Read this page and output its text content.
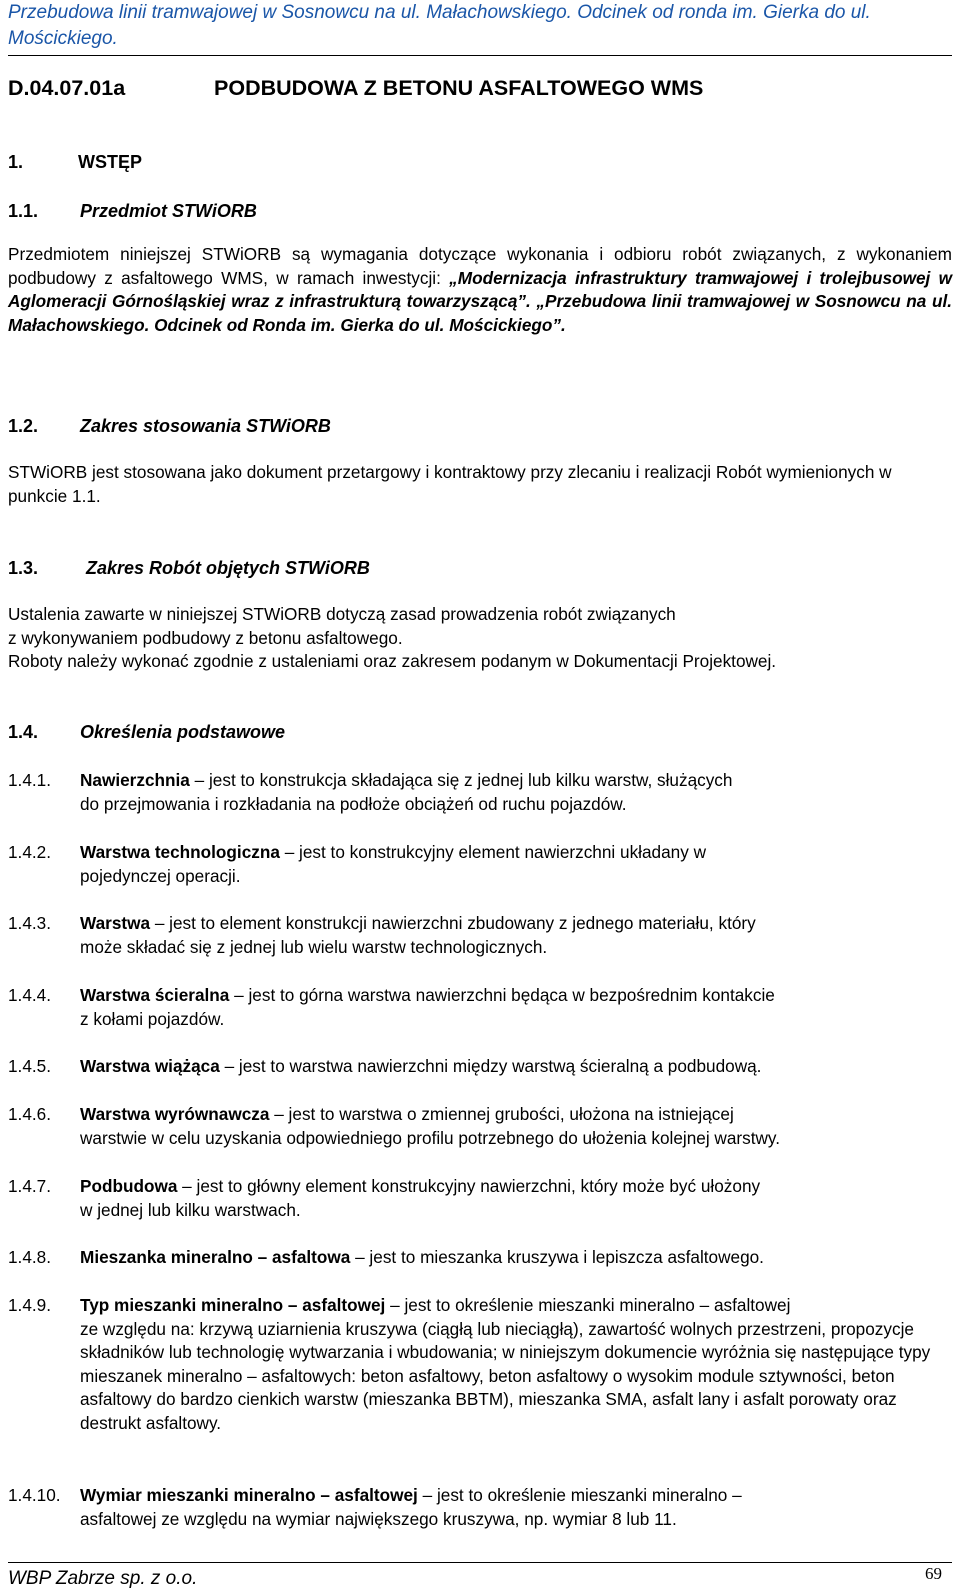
Przebudowa linii tramwajowej w Sosnowcu na ul. Małachowskiego. Odcinek od ronda im. Gierka do ul. Mościckiego.
D.04.07.01a	PODBUDOWA Z BETONU ASFALTOWEGO WMS
1.	WSTĘP
1.1. Przedmiot STWiORB
Przedmiotem niniejszej STWiORB są wymagania dotyczące wykonania i odbioru robót związanych, z wykonaniem podbudowy z asfaltowego WMS, w ramach inwestycji: „Modernizacja infrastruktury tramwajowej i trolejbusowej w Aglomeracji Górnośląskiej wraz z infrastrukturą towarzyszącą”. „Przebudowa linii tramwajowej w Sosnowcu na ul. Małachowskiego. Odcinek od Ronda im. Gierka do ul. Mościckiego”.
1.2. Zakres stosowania STWiORB
STWiORB jest stosowana jako dokument przetargowy i kontraktowy przy zlecaniu i realizacji Robót wymienionych w punkcie 1.1.
1.3.	Zakres Robót objętych STWiORB
Ustalenia zawarte w niniejszej STWiORB dotyczą zasad prowadzenia robót związanych
z wykonywaniem podbudowy z betonu asfaltowego.
Roboty należy wykonać zgodnie z ustaleniami oraz zakresem podanym w Dokumentacji Projektowej.
1.4. Określenia podstawowe
1.4.1. Nawierzchnia – jest to konstrukcja składająca się z jednej lub kilku warstw, służących
do przejmowania i rozkładania na podłoże obciążeń od ruchu pojazdów.
1.4.2. Warstwa technologiczna – jest to konstrukcyjny element nawierzchni układany w
pojedynczej operacji.
1.4.3. Warstwa – jest to element konstrukcji nawierzchni zbudowany z jednego materiału, który
może składać się z jednej lub wielu warstw technologicznych.
1.4.4. Warstwa ścieralna – jest to górna warstwa nawierzchni będąca w bezpośrednim kontakcie
z kołami pojazdów.
1.4.5. Warstwa wiążąca – jest to warstwa nawierzchni między warstwą ścieralną a podbudową.
1.4.6. Warstwa wyrównawcza – jest to warstwa o zmiennej grubości, ułożona na istniejącej
warstwie w celu uzyskania odpowiedniego profilu potrzebnego do ułożenia kolejnej warstwy.
1.4.7. Podbudowa – jest to główny element konstrukcyjny nawierzchni, który może być ułożony
w jednej lub kilku warstwach.
1.4.8. Mieszanka mineralno – asfaltowa – jest to mieszanka kruszywa i lepiszcza asfaltowego.
1.4.9. Typ mieszanki mineralno – asfaltowej – jest to określenie mieszanki mineralno – asfaltowej
ze względu na: krzywą uziarnienia kruszywa (ciągłą lub nieciągłą), zawartość wolnych przestrzeni, propozycje składników lub technologię wytwarzania i wbudowania; w niniejszym dokumencie wyróżnia się następujące typy mieszanek mineralno – asfaltowych: beton asfaltowy, beton asfaltowy o wysokim module sztywności, beton asfaltowy do bardzo cienkich warstw (mieszanka BBTM), mieszanka SMA, asfalt lany i asfalt porowaty oraz destrukt asfaltowy.
1.4.10. Wymiar mieszanki mineralno – asfaltowej – jest to określenie mieszanki mineralno –
asfaltowej ze względu na wymiar największego kruszywa, np. wymiar 8 lub 11.
WBP Zabrze sp. z o.o.	69
